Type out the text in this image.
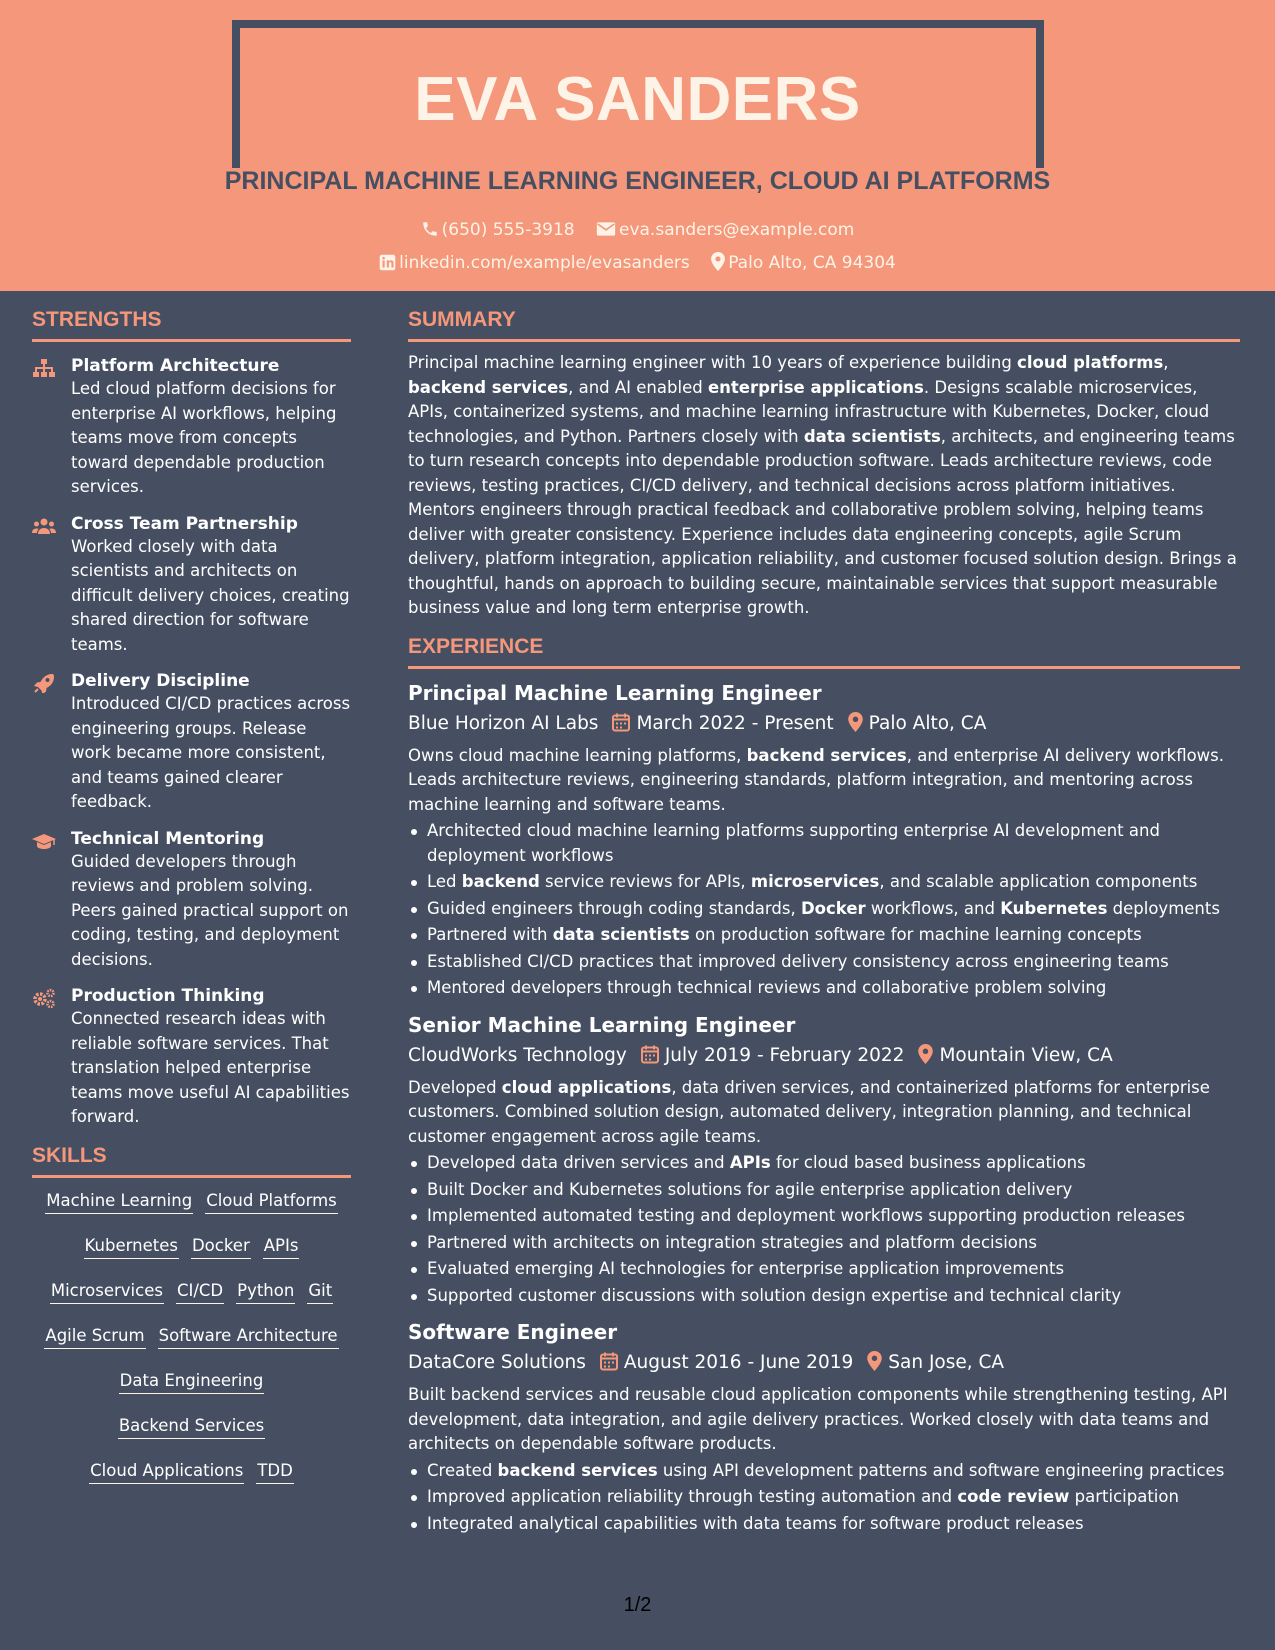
EVA SANDERS
PRINCIPAL MACHINE LEARNING ENGINEER, CLOUD AI PLATFORMS
(650) 555-3918	eva.sanders@example.com
linkedin.com/example/evasanders Palo Alto, CA 94304
STRENGTHS
Platform Architecture
Led cloud platform decisions for enterprise AI workflows, helping teams move from concepts toward dependable production services.
Cross Team Partnership
Worked closely with data scientists and architects on difficult delivery choices, creating shared direction for software teams.
Delivery Discipline
Introduced CI/CD practices across engineering groups. Release work became more consistent, and teams gained clearer feedback.
Technical Mentoring
Guided developers through reviews and problem solving. Peers gained practical support on coding, testing, and deployment decisions.
Production Thinking
Connected research ideas with reliable software services. That translation helped enterprise teams move useful AI capabilities forward.
SKILLS
Machine Learning Cloud Platforms
Kubernetes Docker APIs
Microservices CI/CD Python Git
Agile Scrum Software Architecture
Data Engineering
Backend Services
Cloud Applications TDD
SUMMARY
Principal machine learning engineer with 10 years of experience building cloud platforms, backend services, and AI enabled enterprise applications. Designs scalable microservices, APIs, containerized systems, and machine learning infrastructure with Kubernetes, Docker, cloud technologies, and Python. Partners closely with data scientists, architects, and engineering teams to turn research concepts into dependable production software. Leads architecture reviews, code reviews, testing practices, CI/CD delivery, and technical decisions across platform initiatives. Mentors engineers through practical feedback and collaborative problem solving, helping teams deliver with greater consistency. Experience includes data engineering concepts, agile Scrum delivery, platform integration, application reliability, and customer focused solution design. Brings a thoughtful, hands on approach to building secure, maintainable services that support measurable business value and long term enterprise growth.
EXPERIENCE
Principal Machine Learning Engineer
Blue Horizon AI Labs March 2022 - Present Palo Alto, CA
Owns cloud machine learning platforms, backend services, and enterprise AI delivery workflows. Leads architecture reviews, engineering standards, platform integration, and mentoring across machine learning and software teams.
Architected cloud machine learning platforms supporting enterprise AI development and deployment workflows
Led backend service reviews for APIs, microservices, and scalable application components
Guided engineers through coding standards, Docker workflows, and Kubernetes deployments
Partnered with data scientists on production software for machine learning concepts
Established CI/CD practices that improved delivery consistency across engineering teams
Mentored developers through technical reviews and collaborative problem solving
Senior Machine Learning Engineer
CloudWorks Technology July 2019 - February 2022 Mountain View, CA
Developed cloud applications, data driven services, and containerized platforms for enterprise customers. Combined solution design, automated delivery, integration planning, and technical customer engagement across agile teams.
Developed data driven services and APIs for cloud based business applications
Built Docker and Kubernetes solutions for agile enterprise application delivery
Implemented automated testing and deployment workflows supporting production releases
Partnered with architects on integration strategies and platform decisions
Evaluated emerging AI technologies for enterprise application improvements
Supported customer discussions with solution design expertise and technical clarity
Software Engineer
DataCore Solutions August 2016 - June 2019 San Jose, CA
Built backend services and reusable cloud application components while strengthening testing, API development, data integration, and agile delivery practices. Worked closely with data teams and architects on dependable software products.
Created backend services using API development patterns and software engineering practices
Improved application reliability through testing automation and code review participation
Integrated analytical capabilities with data teams for software product releases
1/2
